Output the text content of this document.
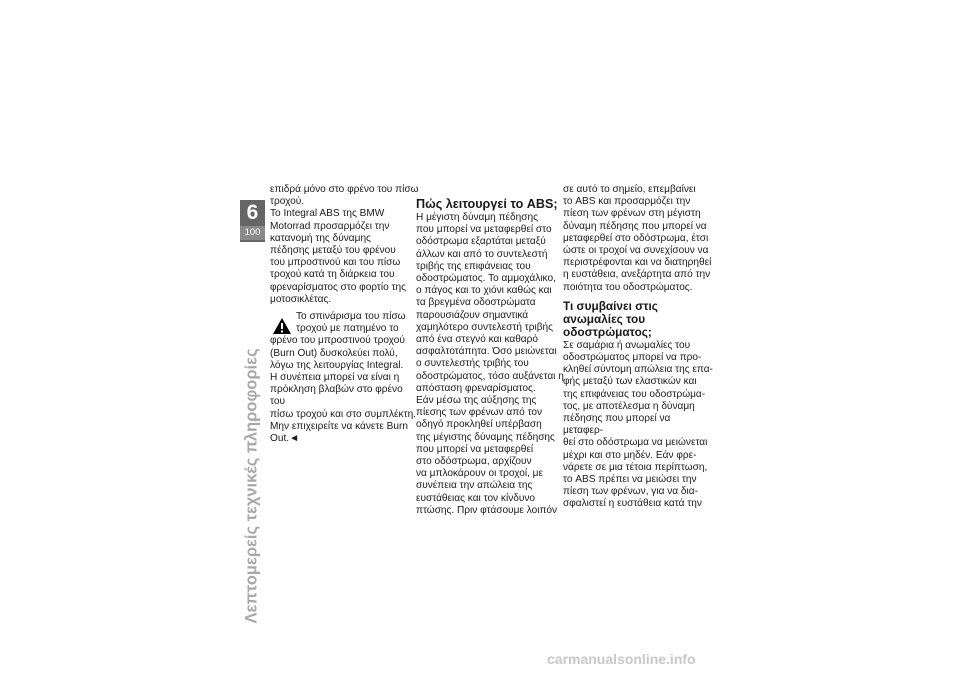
6
100
Λεπτομερείς τεχνικές πληροφορίες

επιδρά μόνο στο φρένο του πίσω
τροχού.
Το Integral ABS της BMW
Motorrad προσαρμόζει την
κατανομή της δύναμης
πέδησης μεταξύ του φρένου
του μπροστινού και του πίσω
τροχού κατά τη διάρκεια του
φρεναρίσματος στο φορτίο της
μοτοσικλέτας.

Το σπινάρισμα του πίσω
τροχού με πατημένο το

φρένο του μπροστινού τροχού
(Burn Out) δυσκολεύει πολύ,
λόγω της λειτουργίας Integral.
Η συνέπεια μπορεί να είναι η
πρόκληση βλαβών στο φρένο του
πίσω τροχού και στο συμπλέκτη.
Μην επιχειρείτε να κάνετε Burn
Out.◄

Πώς λειτουργεί το ABS;

Η μέγιστη δύναμη πέδησης
που μπορεί να μεταφερθεί στο
οδόστρωμα εξαρτάται μεταξύ
άλλων και από το συντελεστή
τριβής της επιφάνειας του
οδοστρώματος. Το αμμοχάλικο,
ο πάγος και το χιόνι καθώς και
τα βρεγμένα οδοστρώματα
παρουσιάζουν σημαντικά
χαμηλότερο συντελεστή τριβής
από ένα στεγνό και καθαρό
ασφαλτοτάπητα. Όσο μειώνεται
ο συντελεστής τριβής του
οδοστρώματος, τόσο αυξάνεται η
απόσταση φρεναρίσματος.
Εάν μέσω της αύξησης της
πίεσης των φρένων από τον
οδηγό προκληθεί υπέρβαση
της μέγιστης δύναμης πέδησης
που μπορεί να μεταφερθεί
στο οδόστρωμα, αρχίζουν
να μπλοκάρουν οι τροχοί, με
συνέπεια την απώλεια της
ευστάθειας και τον κίνδυνο
πτώσης. Πριν φτάσουμε λοιπόν

σε αυτό το σημείο, επεμβαίνει
το ABS και προσαρμόζει την
πίεση των φρένων στη μέγιστη
δύναμη πέδησης που μπορεί να
μεταφερθεί στο οδόστρωμα, έτσι
ώστε οι τροχοί να συνεχίσουν να
περιστρέφονται και να διατηρηθεί
η ευστάθεια, ανεξάρτητα από την
ποιότητα του οδοστρώματος.

Τι συμβαίνει στις
ανωμαλίες του
οδοστρώματος;

Σε σαμάρια ή ανωμαλίες του
οδοστρώματος μπορεί να προ-
κληθεί σύντομη απώλεια της επα-
φής μεταξύ των ελαστικών και
της επιφάνειας του οδοστρώμα-
τος, με αποτέλεσμα η δύναμη
πέδησης που μπορεί να μεταφερ-
θεί στο οδόστρωμα να μειώνεται
μέχρι και στο μηδέν. Εάν φρε-
νάρετε σε μια τέτοια περίπτωση,
το ABS πρέπει να μειώσει την
πίεση των φρένων, για να δια-
σφαλιστεί η ευστάθεια κατά την

carmanualsonline.info
